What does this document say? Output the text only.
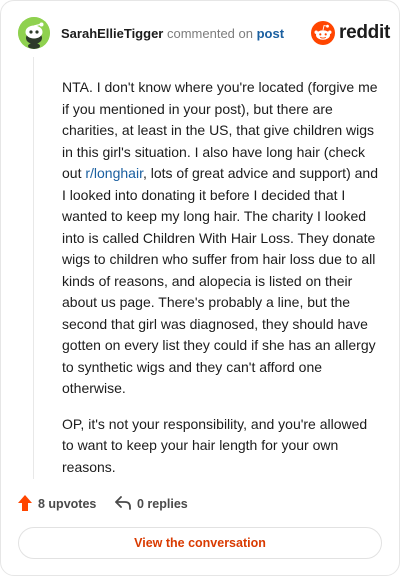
SarahEllieTigger commented on post	reddit

NTA. I don't know where you're located (forgive me if you mentioned in your post), but there are charities, at least in the US, that give children wigs in this girl's situation. I also have long hair (check out r/longhair, lots of great advice and support) and I looked into donating it before I decided that I wanted to keep my long hair. The charity I looked into is called Children With Hair Loss. They donate wigs to children who suffer from hair loss due to all kinds of reasons, and alopecia is listed on their about us page. There's probably a line, but the second that girl was diagnosed, they should have gotten on every list they could if she has an allergy to synthetic wigs and they can't afford one otherwise.

OP, it's not your responsibility, and you're allowed to want to keep your hair length for your own reasons.

8 upvotes	0 replies
View the conversation
